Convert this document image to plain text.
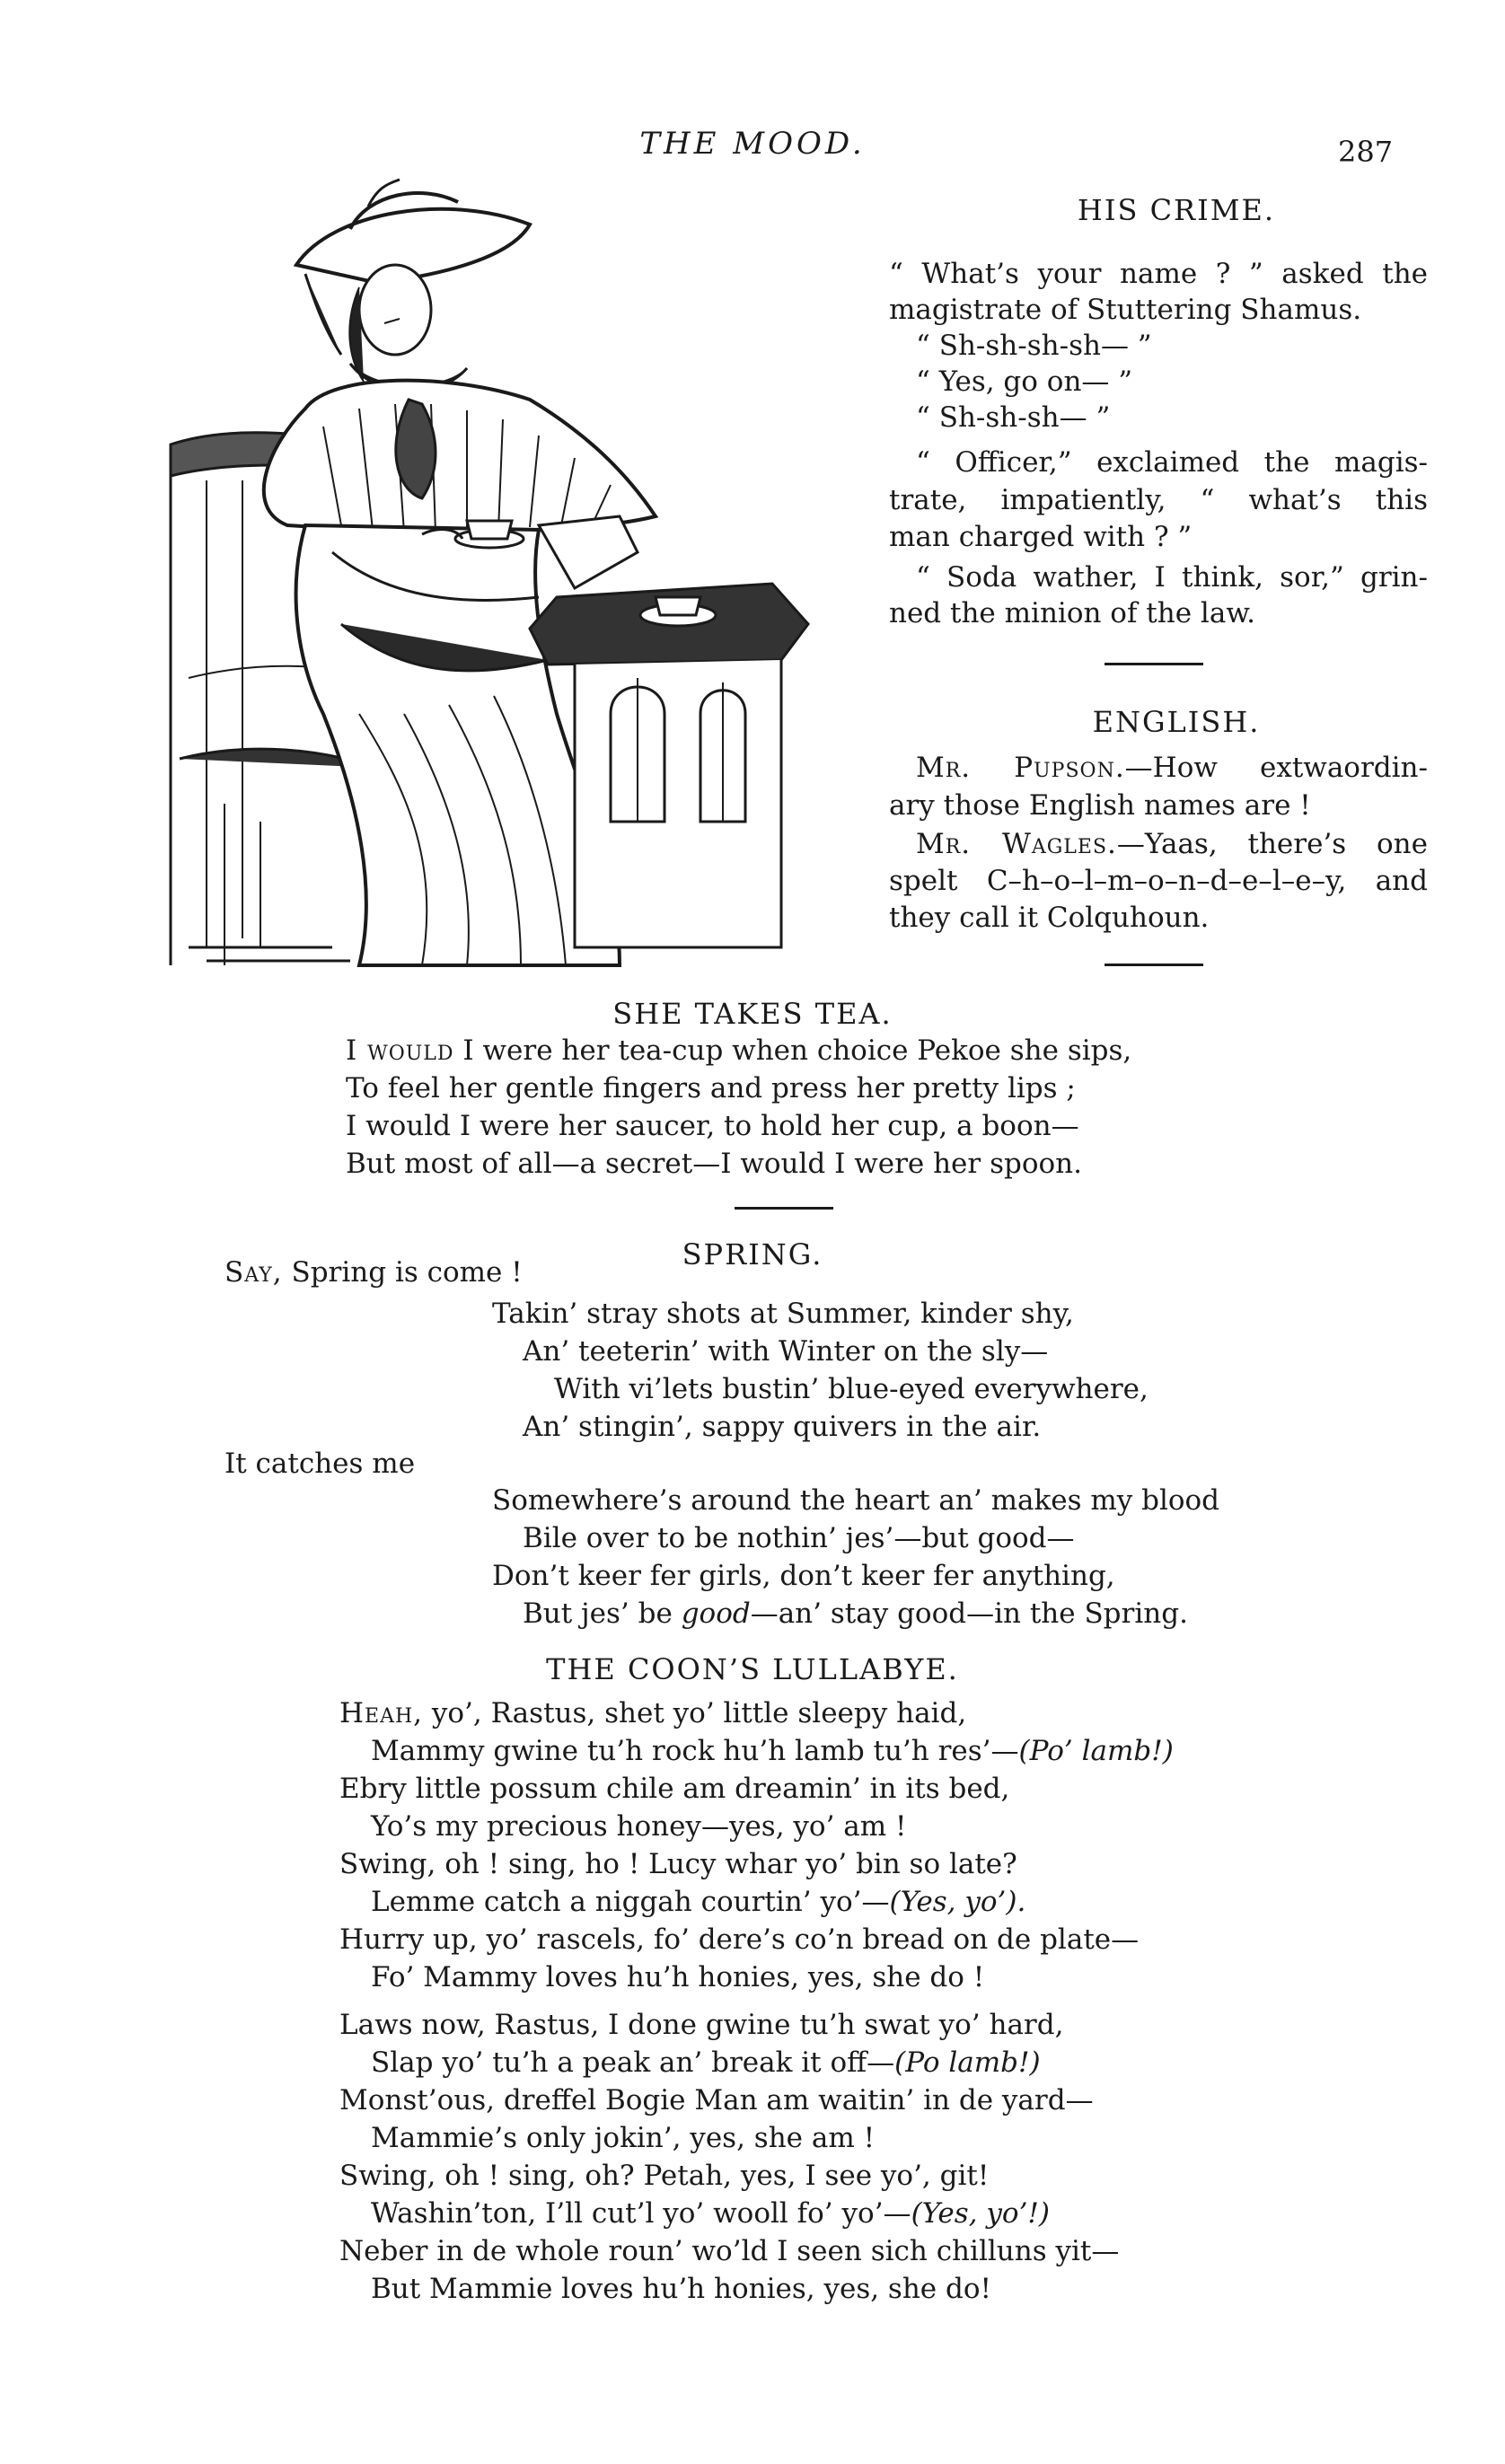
THE MOOD.	287
HIS CRIME.
“ What’s your name ? ” asked the
magistrate of Stuttering Shamus.
“ Sh-sh-sh-sh— ”
“ Yes, go on— ”
“ Sh-sh-sh— ”
“ Officer,” exclaimed the magis-
trate, impatiently, “ what’s this
man charged with ? ”
“ Soda wather, I think, sor,” grin-
ned the minion of the law.
ENGLISH.
Mr. Pupson.—How extwaordin-
ary those English names are !
Mr. Wagles.—Yaas, there’s one
spelt C–h–o–l–m–o–n–d–e–l–e–y, and
they call it Colquhoun.
SHE TAKES TEA.
I would I were her tea-cup when choice Pekoe she sips,
To feel her gentle fingers and press her pretty lips ;
I would I were her saucer, to hold her cup, a boon—
But most of all—a secret—I would I were her spoon.
SPRING.
Say, Spring is come !
Takin’ stray shots at Summer, kinder shy,
An’ teeterin’ with Winter on the sly—
With vi’lets bustin’ blue-eyed everywhere,
An’ stingin’, sappy quivers in the air.
It catches me
Somewhere’s around the heart an’ makes my blood
Bile over to be nothin’ jes’—but good—
Don’t keer fer girls, don’t keer fer anything,
But jes’ be good—an’ stay good—in the Spring.
THE COON’S LULLABYE.
Heah, yo’, Rastus, shet yo’ little sleepy haid,
Mammy gwine tu’h rock hu’h lamb tu’h res’—(Po’ lamb!)
Ebry little possum chile am dreamin’ in its bed,
Yo’s my precious honey—yes, yo’ am !
Swing, oh ! sing, ho ! Lucy whar yo’ bin so late?
Lemme catch a niggah courtin’ yo’—(Yes, yo’).
Hurry up, yo’ rascels, fo’ dere’s co’n bread on de plate—
Fo’ Mammy loves hu’h honies, yes, she do !
Laws now, Rastus, I done gwine tu’h swat yo’ hard,
Slap yo’ tu’h a peak an’ break it off—(Po lamb!)
Monst’ous, dreffel Bogie Man am waitin’ in de yard—
Mammie’s only jokin’, yes, she am !
Swing, oh ! sing, oh? Petah, yes, I see yo’, git!
Washin’ton, I’ll cut’l yo’ wooll fo’ yo’—(Yes, yo’!)
Neber in de whole roun’ wo’ld I seen sich chilluns yit—
But Mammie loves hu’h honies, yes, she do!
